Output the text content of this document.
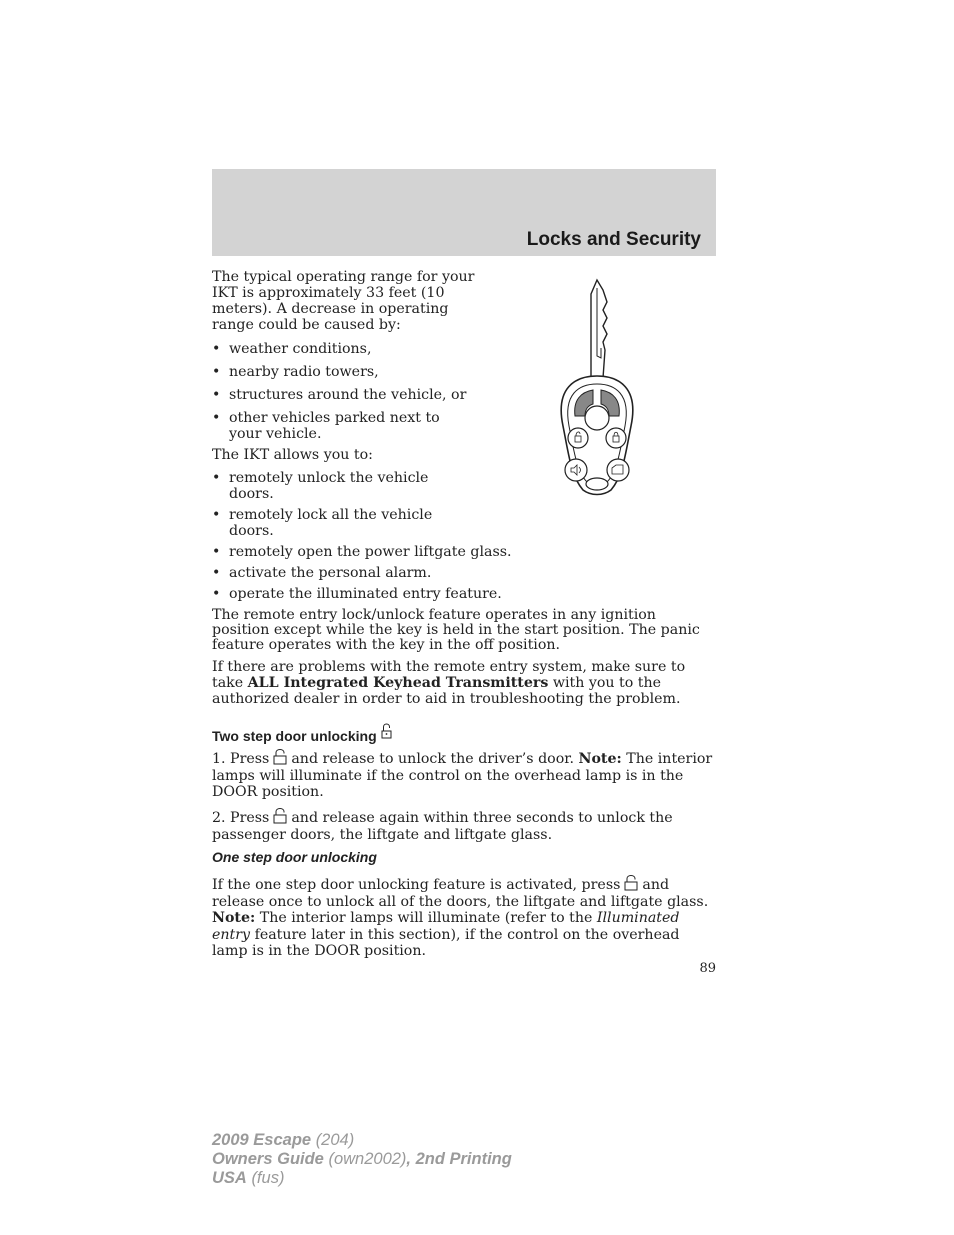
Locks and Security

The typical operating range for your IKT is approximately 33 feet (10 meters). A decrease in operating range could be caused by:

• weather conditions,
• nearby radio towers,
• structures around the vehicle, or
• other vehicles parked next to your vehicle.

The IKT allows you to:

• remotely unlock the vehicle doors.
• remotely lock all the vehicle doors.
• remotely open the power liftgate glass.
• activate the personal alarm.
• operate the illuminated entry feature.

The remote entry lock/unlock feature operates in any ignition position except while the key is held in the start position. The panic feature operates with the key in the off position.

If there are problems with the remote entry system, make sure to take ALL Integrated Keyhead Transmitters with you to the authorized dealer in order to aid in troubleshooting the problem.

Two step door unlocking

1. Press and release to unlock the driver’s door. Note: The interior lamps will illuminate if the control on the overhead lamp is in the DOOR position.

2. Press and release again within three seconds to unlock the passenger doors, the liftgate and liftgate glass.

One step door unlocking

If the one step door unlocking feature is activated, press and release once to unlock all of the doors, the liftgate and liftgate glass. Note: The interior lamps will illuminate (refer to the Illuminated entry feature later in this section), if the control on the overhead lamp is in the DOOR position.

89
2009 Escape (204)
Owners Guide (own2002), 2nd Printing
USA (fus)
